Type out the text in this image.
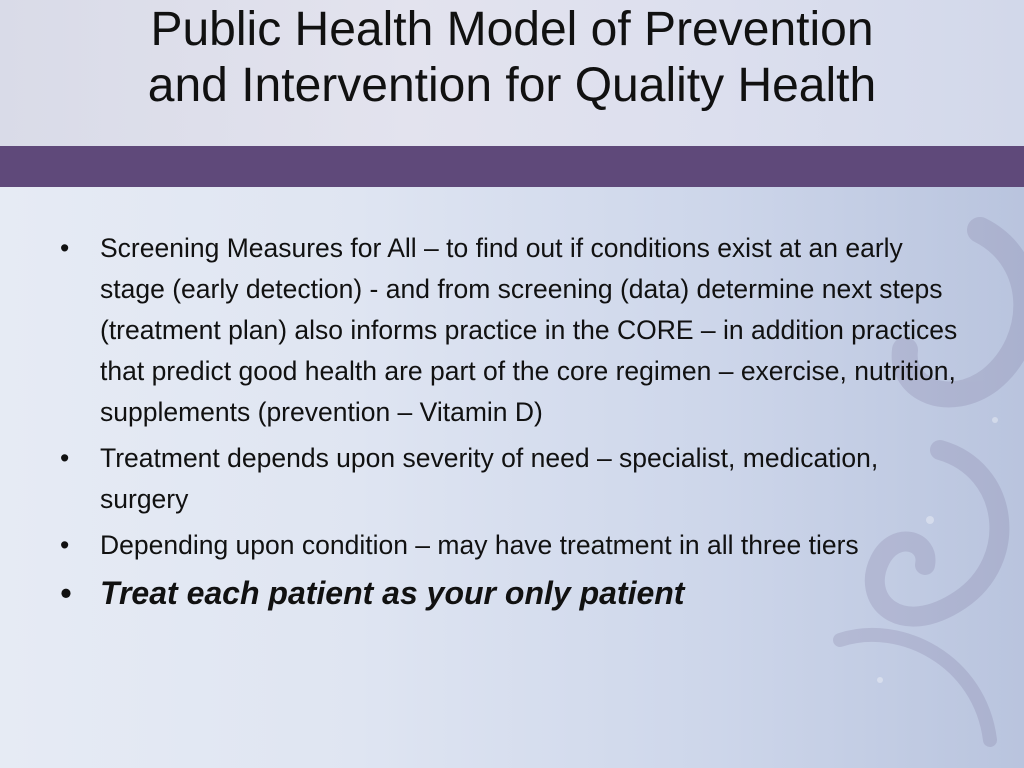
Public Health Model of Prevention
and Intervention for Quality Health
• Screening Measures for All – to find out if conditions exist at an early stage (early detection) - and from screening (data) determine next steps (treatment plan) also informs practice in the CORE – in addition practices that predict good health are part of the core regimen – exercise, nutrition, supplements (prevention – Vitamin D)
• Treatment depends upon severity of need – specialist, medication, surgery
• Depending upon condition – may have treatment in all three tiers
• Treat each patient as your only patient
